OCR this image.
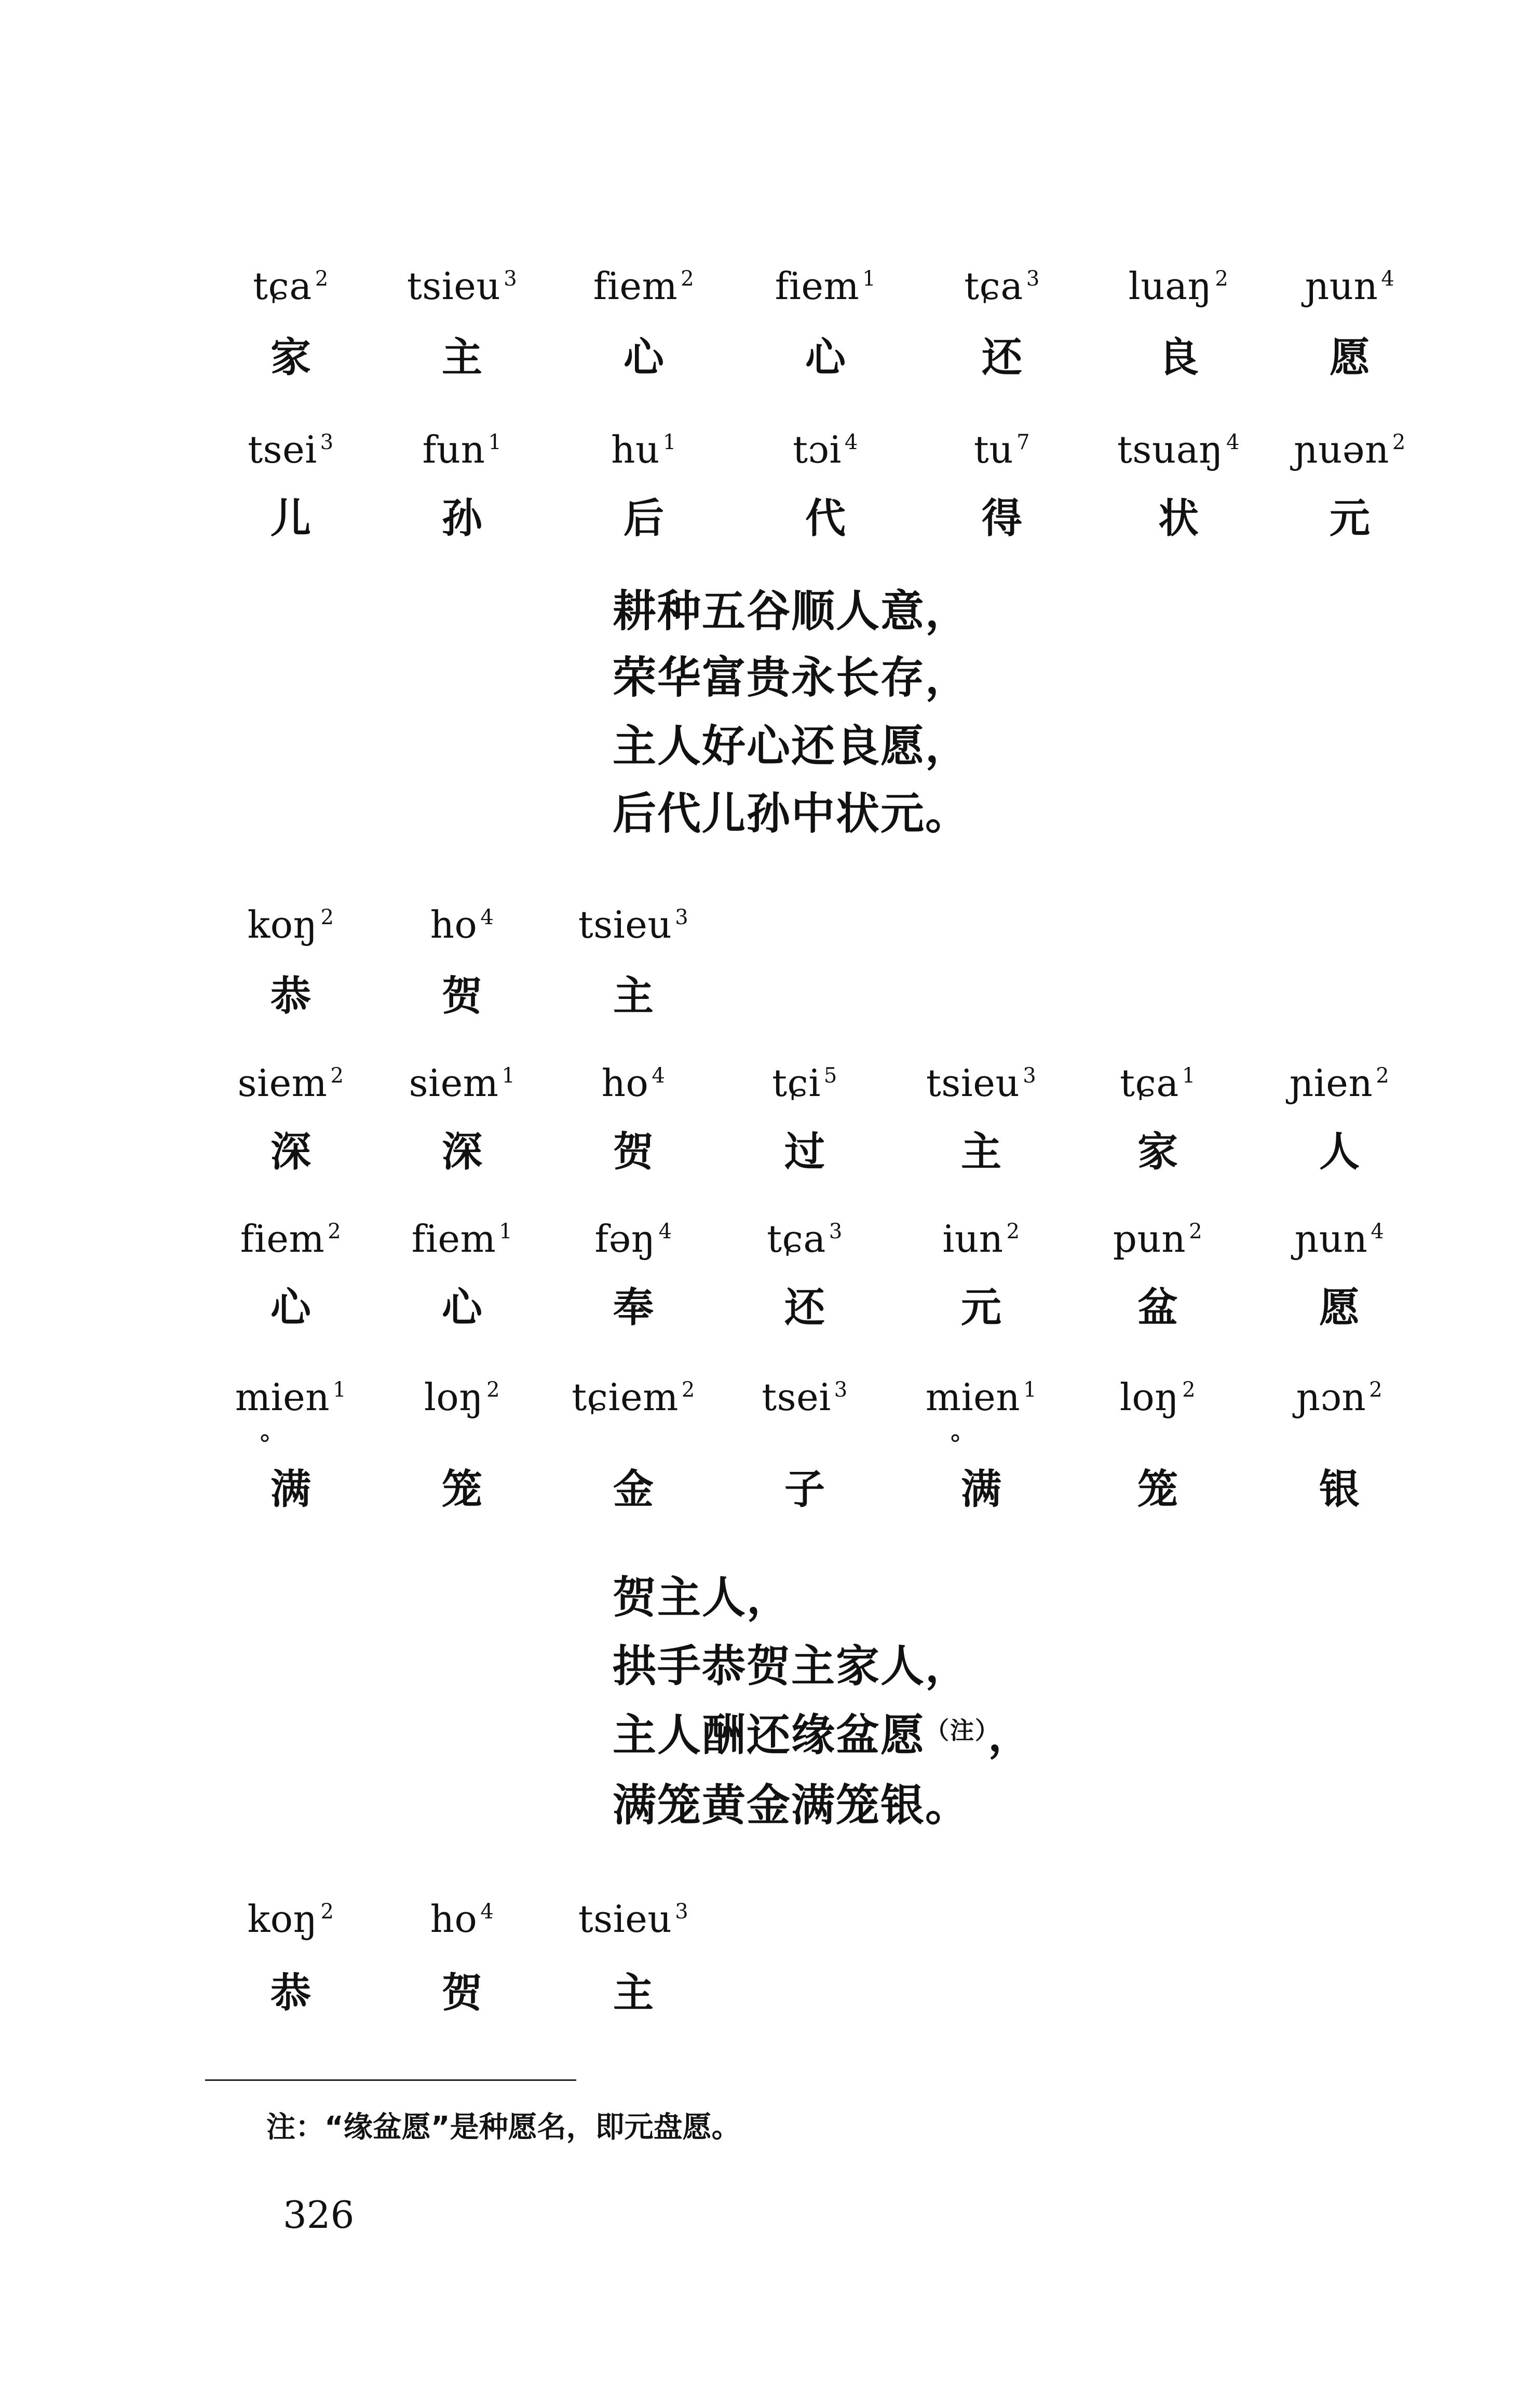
tɕa $^2$	tsieu $^3$	fiem $^2$	fiem $^1$	tɕa $^3$	luaŋ $^2$	ɲun $^4$
家	主	心	心	还	良	愿
tsei $^3$	fun $^1$	hu $^1$	tɔi $^4$	tu $^7$	tsuaŋ $^4$	ɲuən $^2$
儿	孙	后	代	得	状	元
耕种五谷顺人意，
荣华富贵永长存，
主人好心还良愿，
后代儿孙中状元。
koŋ $^2$	ho $^4$	tsieu $^3$
恭	贺	主
siem $^2$	siem $^1$	ho $^4$	tɕi $^5$	tsieu $^3$	tɕa $^1$	ɲien $^2$
深	深	贺	过	主	家	人
fiem $^2$	fiem $^1$	fəŋ $^4$	tɕa $^3$	iun $^2$	pun $^2$	ɲun $^4$
心	心	奉	还	元	盆	愿
mien $^1$	loŋ $^2$	tɕiem $^2$	tsei $^3$	mien $^1$	loŋ $^2$	ɲɔn $^2$
∘	∘
满	笼	金	子	满	笼	银
贺主人，
拱手恭贺主家人，
主人酬还缘盆愿$^{(注)}$，
满笼黄金满笼银。
koŋ $^2$	ho $^4$	tsieu $^3$
恭	贺	主
注：“缘盆愿”是种愿名，即元盘愿。
326
